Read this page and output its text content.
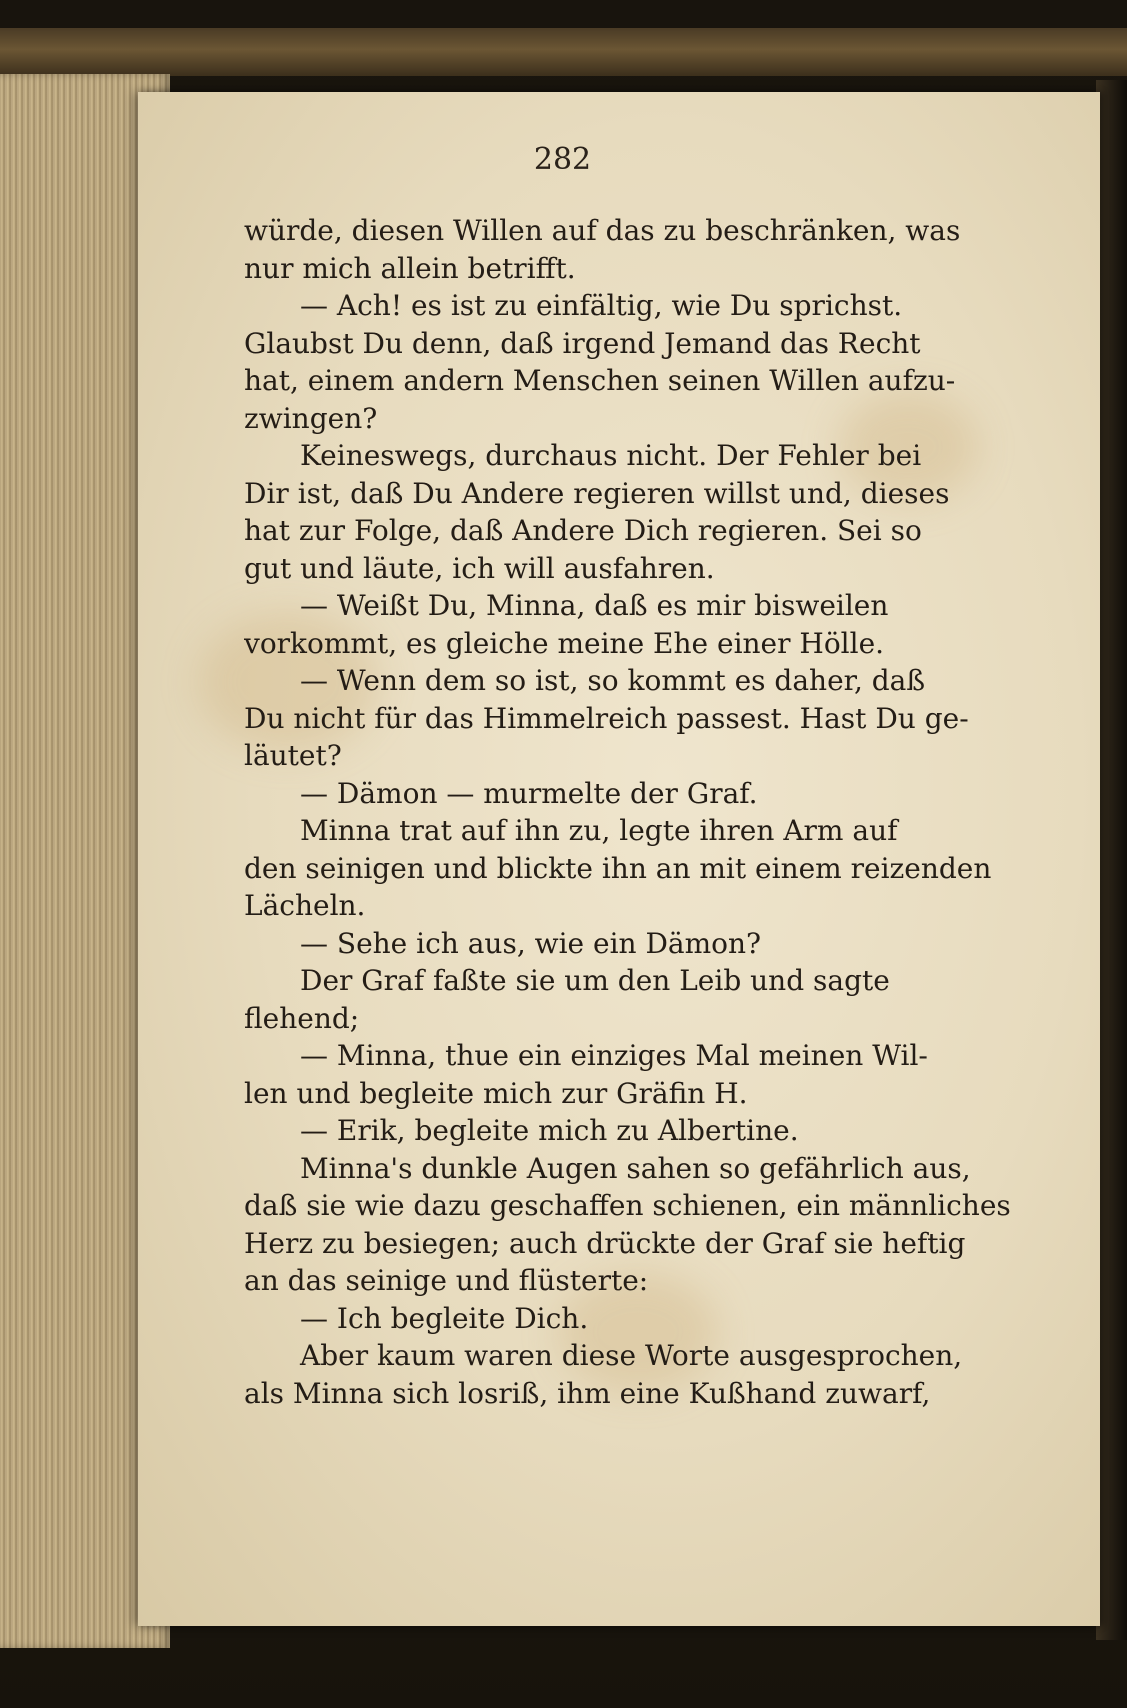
282
würde, diesen Willen auf das zu beschränken, was
nur mich allein betrifft.
— Ach! es ist zu einfältig, wie Du sprichst.
Glaubst Du denn, daß irgend Jemand das Recht
hat, einem andern Menschen seinen Willen aufzu-
zwingen?
Keineswegs, durchaus nicht. Der Fehler bei
Dir ist, daß Du Andere regieren willst und, dieses
hat zur Folge, daß Andere Dich regieren. Sei so
gut und läute, ich will ausfahren.
— Weißt Du, Minna, daß es mir bisweilen
vorkommt, es gleiche meine Ehe einer Hölle.
— Wenn dem so ist, so kommt es daher, daß
Du nicht für das Himmelreich passest. Hast Du ge-
läutet?
— Dämon — murmelte der Graf.
Minna trat auf ihn zu, legte ihren Arm auf
den seinigen und blickte ihn an mit einem reizenden
Lächeln.
— Sehe ich aus, wie ein Dämon?
Der Graf faßte sie um den Leib und sagte
flehend;
— Minna, thue ein einziges Mal meinen Wil-
len und begleite mich zur Gräfin H.
— Erik, begleite mich zu Albertine.
Minna's dunkle Augen sahen so gefährlich aus,
daß sie wie dazu geschaffen schienen, ein männliches
Herz zu besiegen; auch drückte der Graf sie heftig
an das seinige und flüsterte:
— Ich begleite Dich.
Aber kaum waren diese Worte ausgesprochen,
als Minna sich losriß, ihm eine Kußhand zuwarf,
